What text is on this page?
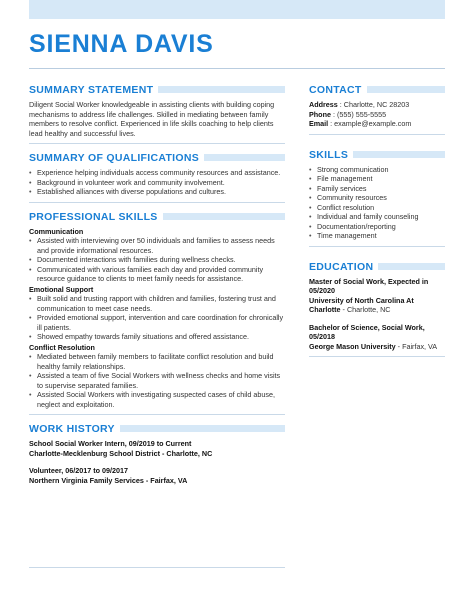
SIENNA DAVIS
SUMMARY STATEMENT

Diligent Social Worker knowledgeable in assisting clients with building coping mechanisms to address life challenges. Skilled in mediating between family members to resolve conflict. Experienced in life skills coaching to help clients lead healthy and successful lives.

SUMMARY OF QUALIFICATIONS
• Experience helping individuals access community resources and assistance.
• Background in volunteer work and community involvement.
• Established alliances with diverse populations and cultures.
PROFESSIONAL SKILLS
Communication
• Assisted with interviewing over 50 individuals and families to assess needs and provide informational resources.
• Documented interactions with families during wellness checks.
• Communicated with various families each day and provided community resource guidance to clients to meet family needs for assistance.
Emotional Support
• Built solid and trusting rapport with children and families, fostering trust and communication to meet case needs.
• Provided emotional support, intervention and care coordination for chronically ill patients.
• Showed empathy towards family situations and offered assistance.
Conflict Resolution
• Mediated between family members to facilitate conflict resolution and build healthy family relationships.
• Assisted a team of five Social Workers with wellness checks and home visits to supervise separated families.
• Assisted Social Workers with investigating suspected cases of child abuse, neglect and exploitation.
WORK HISTORY
School Social Worker Intern, 09/2019 to Current
Charlotte-Mecklenburg School District - Charlotte, NC
Volunteer, 06/2017 to 09/2017
Northern Virginia Family Services - Fairfax, VA
CONTACT
Address : Charlotte, NC 28203
Phone : (555) 555-5555
Email : example@example.com
SKILLS
• Strong communication
• File management
• Family services
• Community resources
• Conflict resolution
• Individual and family counseling
• Documentation/reporting
• Time management
EDUCATION
Master of Social Work, Expected in 05/2020
University of North Carolina At Charlotte - Charlotte, NC
Bachelor of Science, Social Work, 05/2018
George Mason University - Fairfax, VA
